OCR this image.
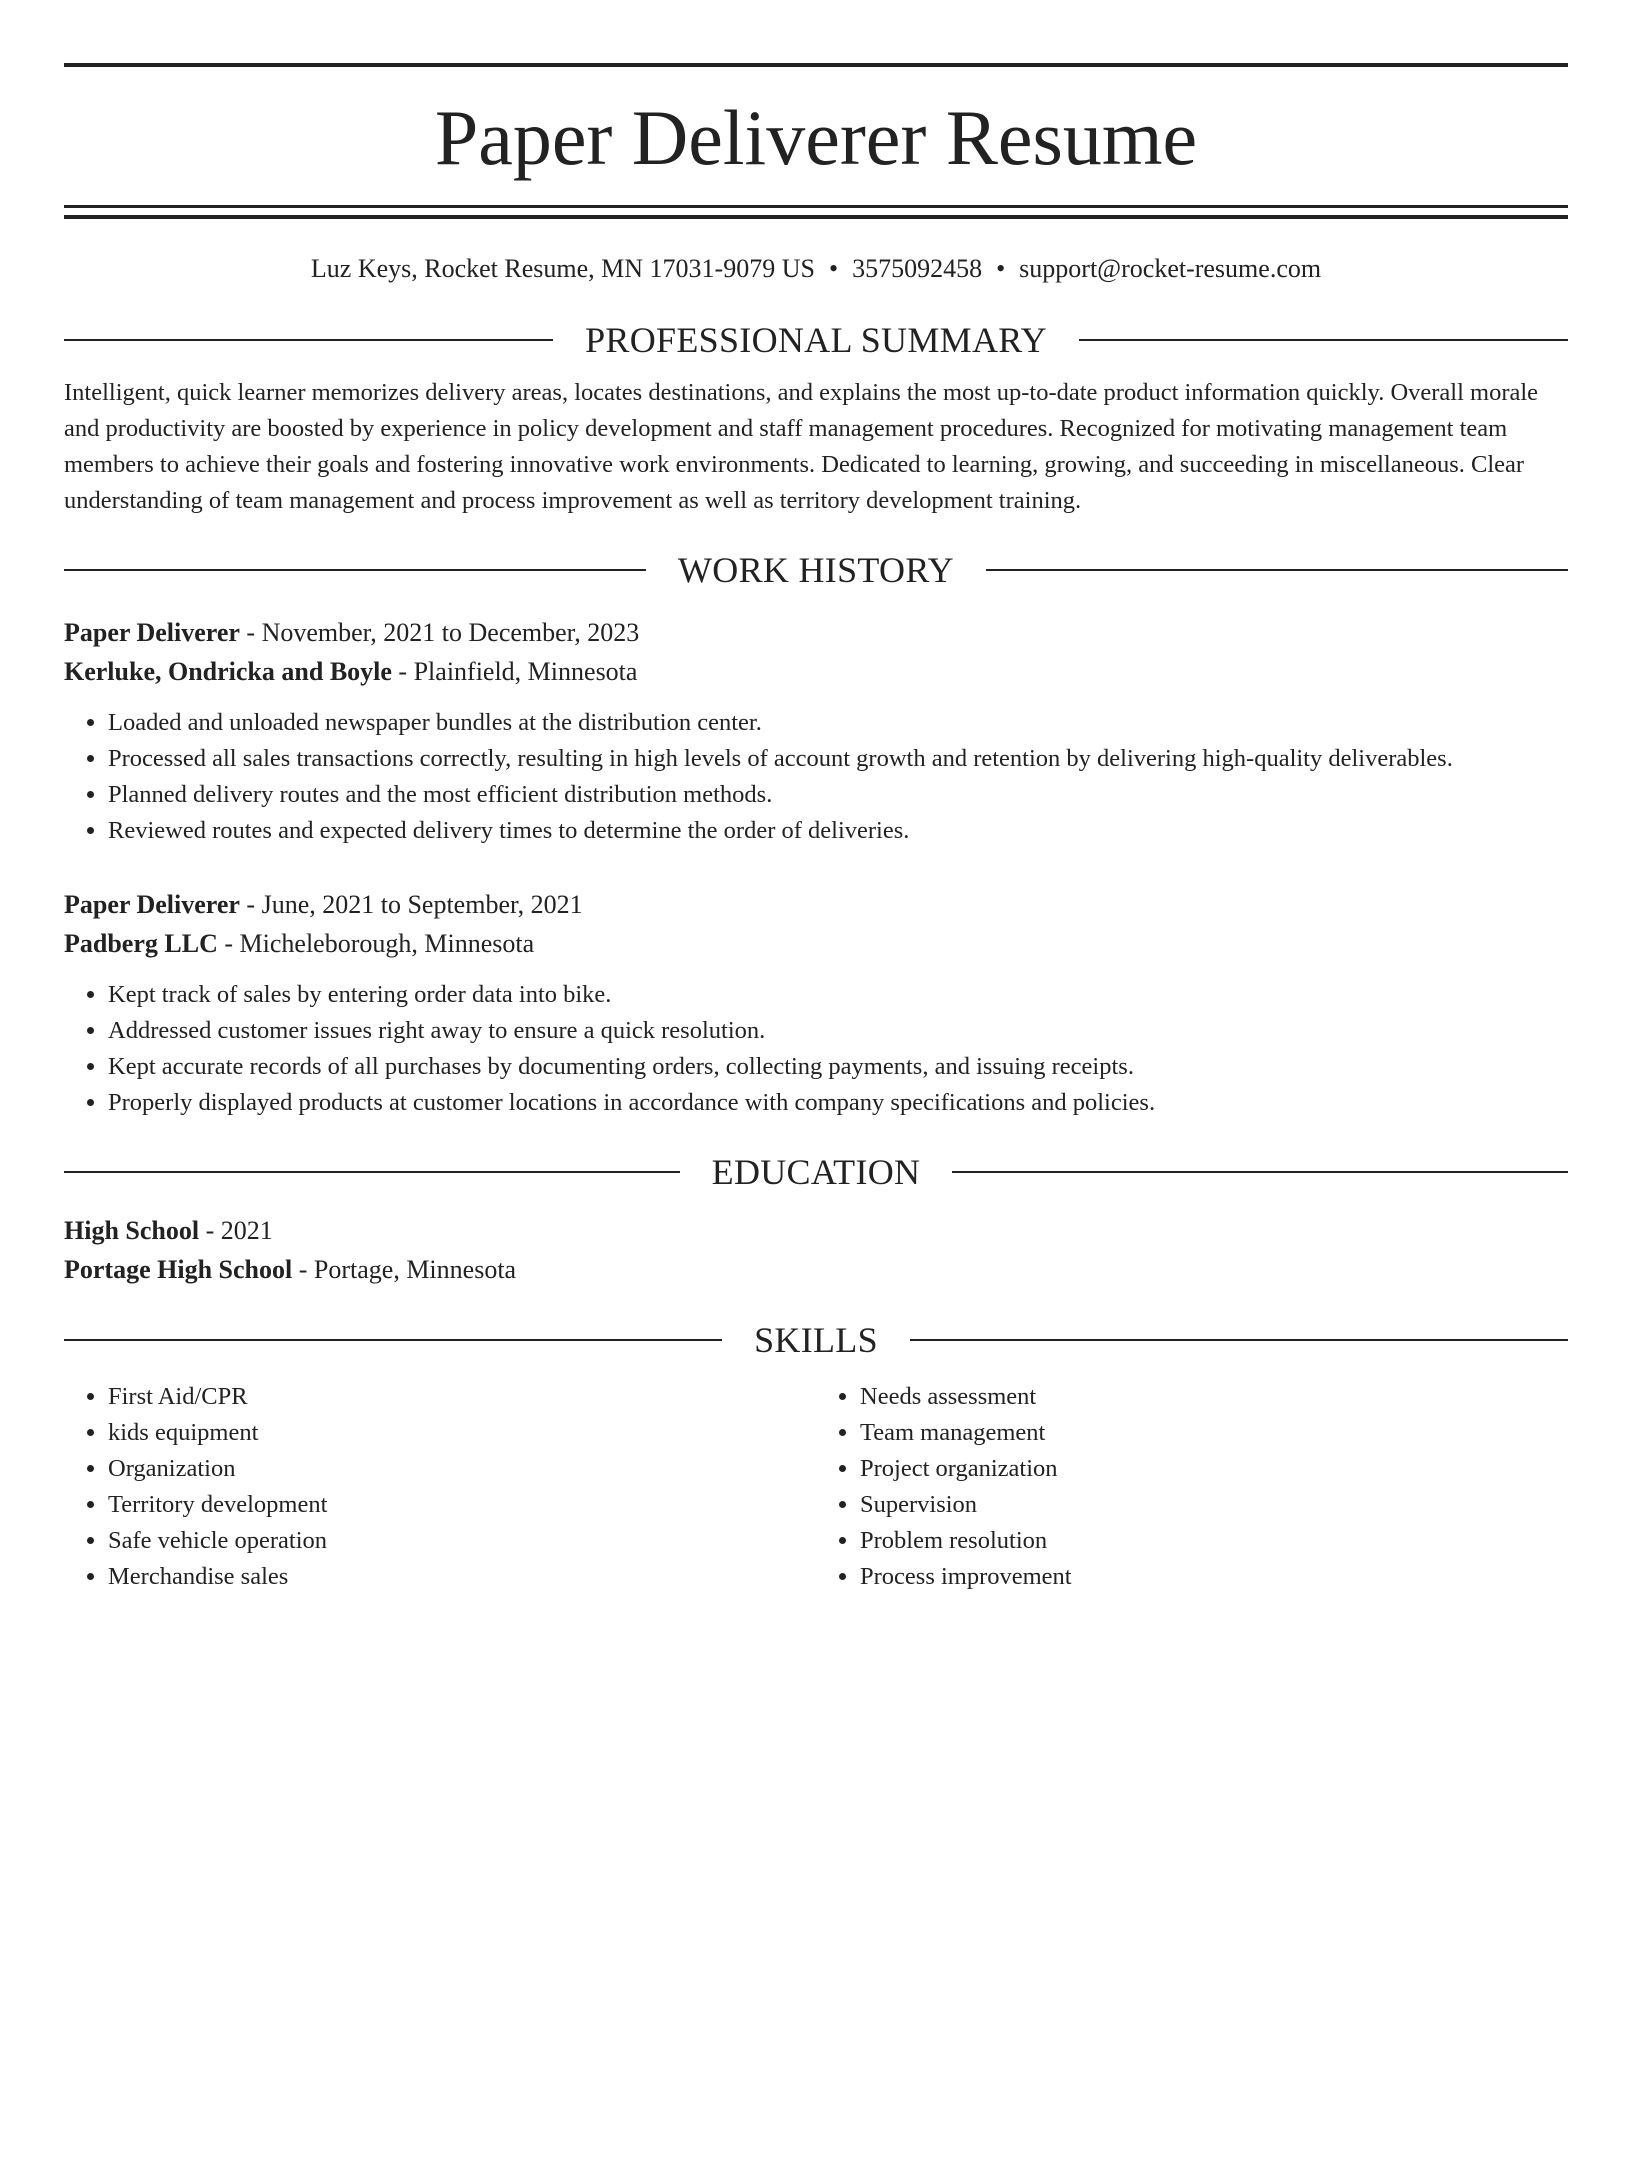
Paper Deliverer Resume
Luz Keys, Rocket Resume, MN 17031-9079 US • 3575092458 • support@rocket-resume.com
PROFESSIONAL SUMMARY
Intelligent, quick learner memorizes delivery areas, locates destinations, and explains the most up-to-date product information quickly. Overall morale and productivity are boosted by experience in policy development and staff management procedures. Recognized for motivating management team members to achieve their goals and fostering innovative work environments. Dedicated to learning, growing, and succeeding in miscellaneous. Clear understanding of team management and process improvement as well as territory development training.
WORK HISTORY
Paper Deliverer - November, 2021 to December, 2023
Kerluke, Ondricka and Boyle - Plainfield, Minnesota
• Loaded and unloaded newspaper bundles at the distribution center.
• Processed all sales transactions correctly, resulting in high levels of account growth and retention by delivering high-quality deliverables.
• Planned delivery routes and the most efficient distribution methods.
• Reviewed routes and expected delivery times to determine the order of deliveries.
Paper Deliverer - June, 2021 to September, 2021
Padberg LLC - Micheleborough, Minnesota
• Kept track of sales by entering order data into bike.
• Addressed customer issues right away to ensure a quick resolution.
• Kept accurate records of all purchases by documenting orders, collecting payments, and issuing receipts.
• Properly displayed products at customer locations in accordance with company specifications and policies.
EDUCATION
High School - 2021
Portage High School - Portage, Minnesota
SKILLS
• First Aid/CPR
• kids equipment
• Organization
• Territory development
• Safe vehicle operation
• Merchandise sales
• Needs assessment
• Team management
• Project organization
• Supervision
• Problem resolution
• Process improvement
